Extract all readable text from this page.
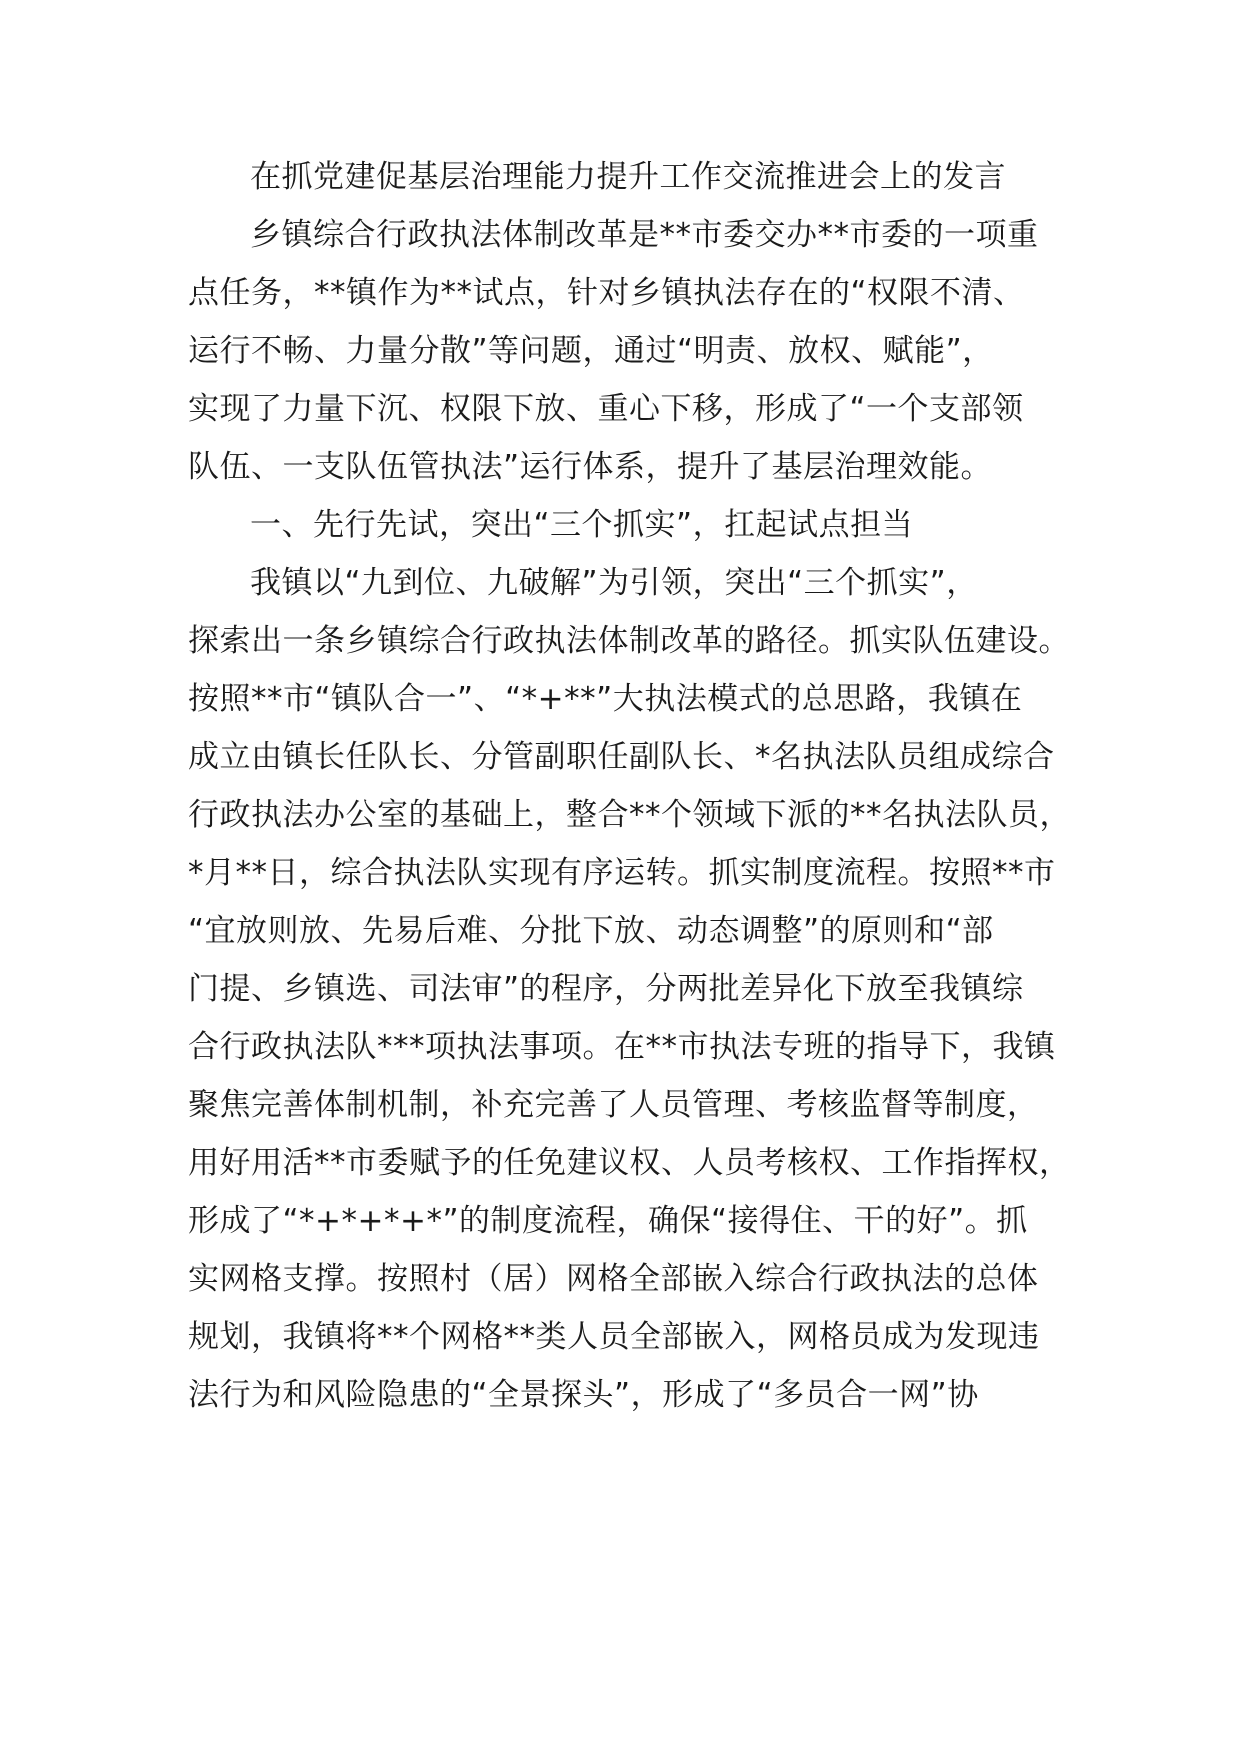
在抓党建促基层治理能力提升工作交流推进会上的发言
乡镇综合行政执法体制改革是**市委交办**市委的一项重
点任务，**镇作为**试点，针对乡镇执法存在的“权限不清、
运行不畅、力量分散”等问题，通过“明责、放权、赋能”，
实现了力量下沉、权限下放、重心下移，形成了“一个支部领
队伍、一支队伍管执法”运行体系，提升了基层治理效能。
一、先行先试，突出“三个抓实”，扛起试点担当
我镇以“九到位、九破解”为引领，突出“三个抓实”，
探索出一条乡镇综合行政执法体制改革的路径。抓实队伍建设。
按照**市“镇队合一”、“*+**”大执法模式的总思路，我镇在
成立由镇长任队长、分管副职任副队长、*名执法队员组成综合
行政执法办公室的基础上，整合**个领域下派的**名执法队员，
*月**日，综合执法队实现有序运转。抓实制度流程。按照**市
“宜放则放、先易后难、分批下放、动态调整”的原则和“部
门提、乡镇选、司法审”的程序，分两批差异化下放至我镇综
合行政执法队***项执法事项。在**市执法专班的指导下，我镇
聚焦完善体制机制，补充完善了人员管理、考核监督等制度，
用好用活**市委赋予的任免建议权、人员考核权、工作指挥权，
形成了“*+*+*+*”的制度流程，确保“接得住、干的好”。抓
实网格支撑。按照村（居）网格全部嵌入综合行政执法的总体
规划，我镇将**个网格**类人员全部嵌入，网格员成为发现违
法行为和风险隐患的“全景探头”，形成了“多员合一网”协
